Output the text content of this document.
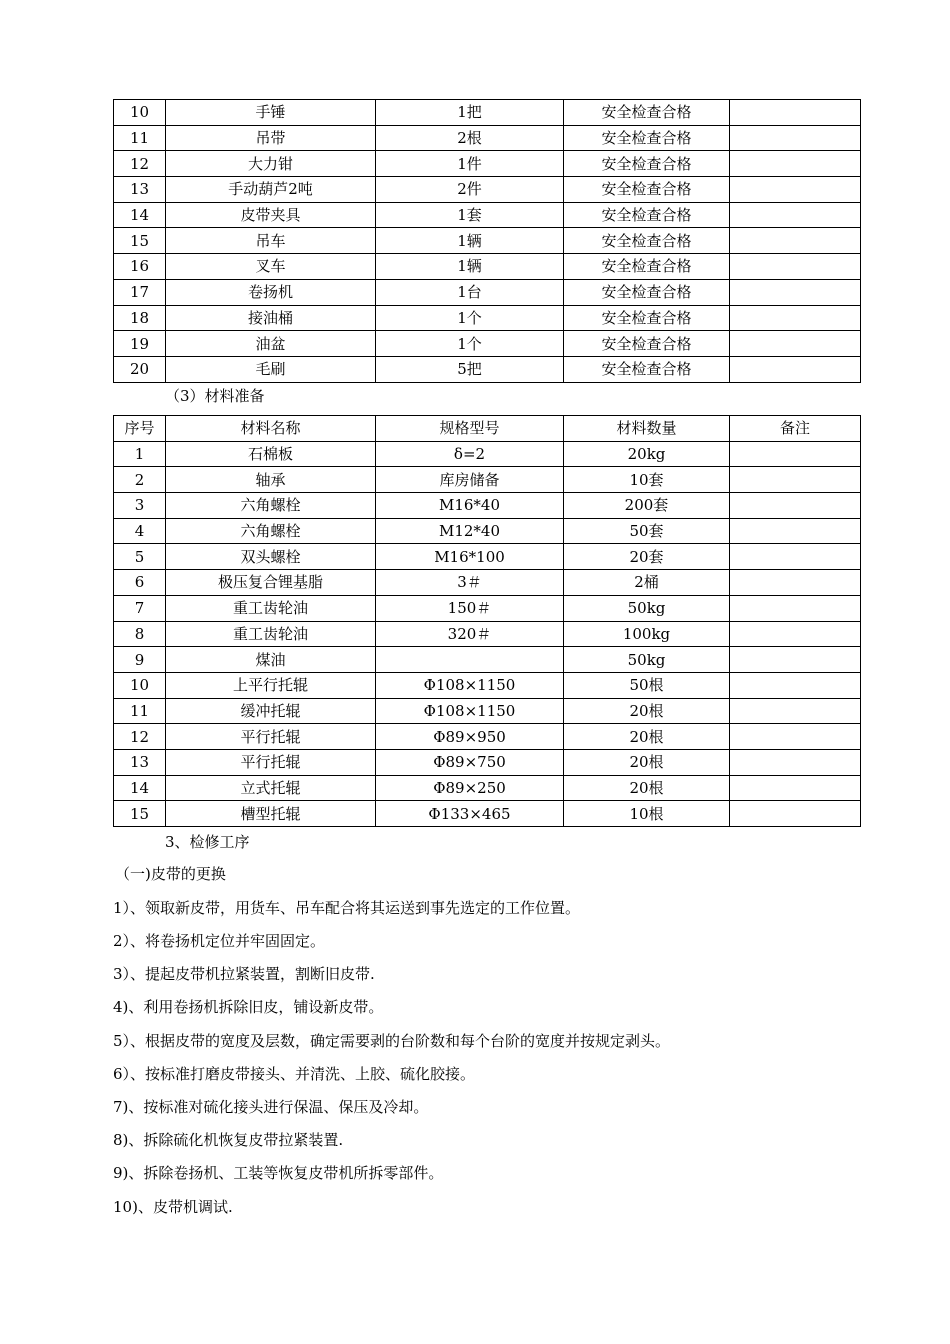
10	手锤	1把	安全检查合格	
11	吊带	2根	安全检查合格	
12	大力钳	1件	安全检查合格	
13	手动葫芦2吨	2件	安全检查合格	
14	皮带夹具	1套	安全检查合格	
15	吊车	1辆	安全检查合格	
16	叉车	1辆	安全检查合格	
17	卷扬机	1台	安全检查合格	
18	接油桶	1个	安全检查合格	
19	油盆	1个	安全检查合格	
20	毛刷	5把	安全检查合格	
（3）材料准备
序号	材料名称	规格型号	材料数量	备注
1	石棉板	δ=2	20kg	
2	轴承	库房储备	10套	
3	六角螺栓	M16*40	200套	
4	六角螺栓	M12*40	50套	
5	双头螺栓	M16*100	20套	
6	极压复合锂基脂	3＃	2桶	
7	重工齿轮油	150＃	50kg	
8	重工齿轮油	320＃	100kg	
9	煤油		50kg	
10	上平行托辊	Φ108×1150	50根	
11	缓冲托辊	Φ108×1150	20根	
12	平行托辊	Φ89×950	20根	
13	平行托辊	Φ89×750	20根	
14	立式托辊	Φ89×250	20根	
15	槽型托辊	Φ133×465	10根	
3、检修工序
（一)皮带的更换
1）、领取新皮带，用货车、吊车配合将其运送到事先选定的工作位置。
2）、将卷扬机定位并牢固固定。
3）、提起皮带机拉紧装置，割断旧皮带.
4)、利用卷扬机拆除旧皮，铺设新皮带。
5）、根据皮带的宽度及层数，确定需要剥的台阶数和每个台阶的宽度并按规定剥头。
6）、按标准打磨皮带接头、并清洗、上胶、硫化胶接。
7)、按标准对硫化接头进行保温、保压及冷却。
8)、拆除硫化机恢复皮带拉紧装置.
9)、拆除卷扬机、工装等恢复皮带机所拆零部件。
10)、皮带机调试.
